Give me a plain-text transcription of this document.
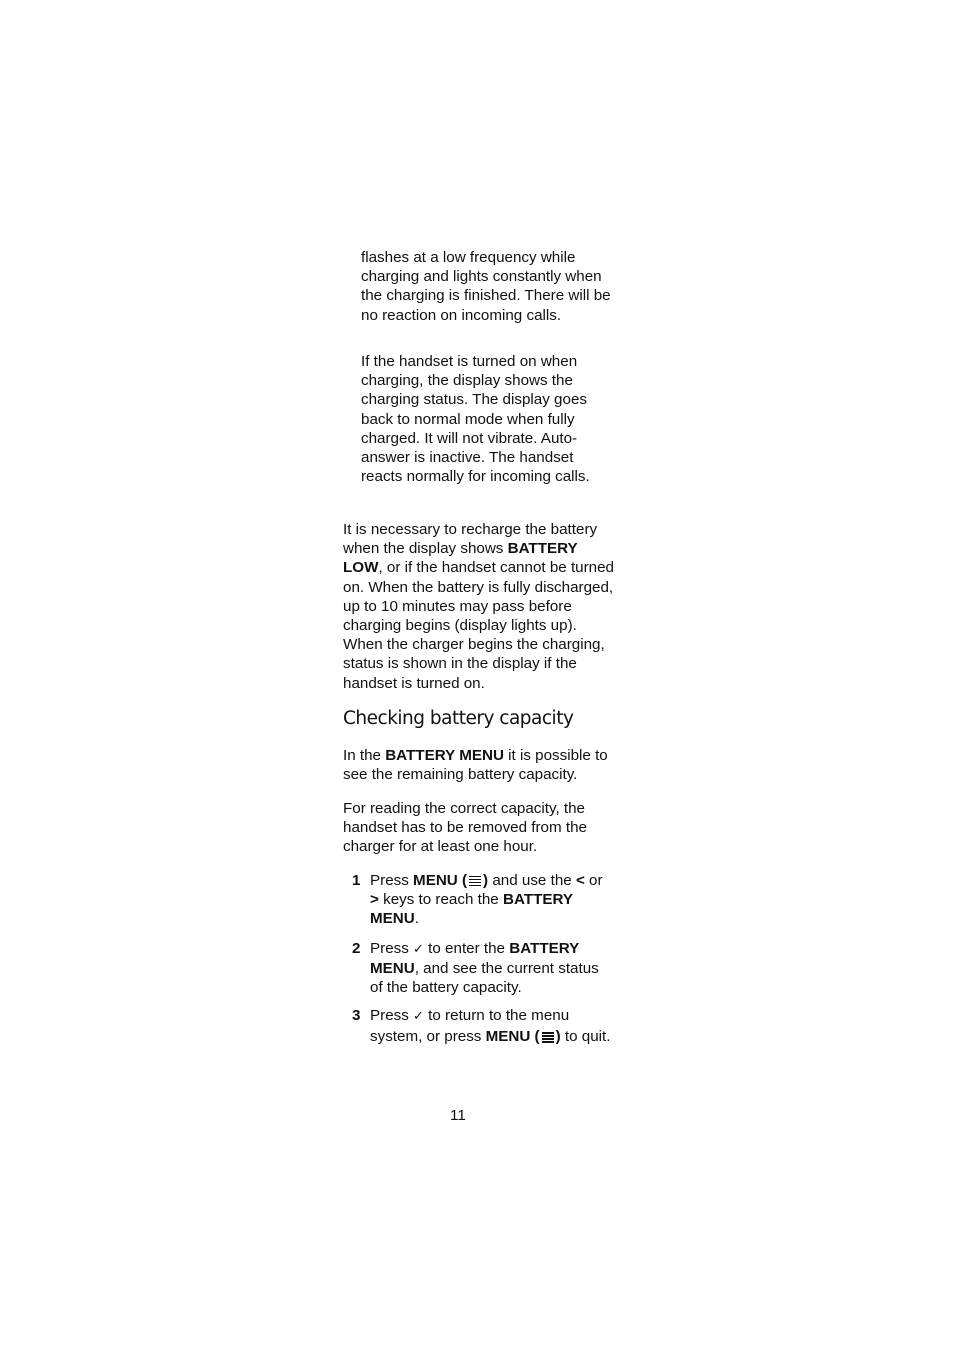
flashes at a low frequency while charging and lights constantly when the charging is finished. There will be no reaction on incoming calls.

If the handset is turned on when charging, the display shows the charging status. The display goes back to normal mode when fully charged. It will not vibrate. Auto-answer is inactive. The handset reacts normally for incoming calls.

It is necessary to recharge the battery when the display shows BATTERY LOW, or if the handset cannot be turned on. When the battery is fully discharged, up to 10 minutes may pass before charging begins (display lights up). When the charger begins the charging, status is shown in the display if the handset is turned on.

Checking battery capacity

In the BATTERY MENU it is possible to see the remaining battery capacity.

For reading the correct capacity, the handset has to be removed from the charger for at least one hour.

1 Press MENU ( ) and use the < or > keys to reach the BATTERY MENU.
2 Press ✓ to enter the BATTERY MENU, and see the current status of the battery capacity.
3 Press ✓ to return to the menu system, or press MENU ( ) to quit.
11
